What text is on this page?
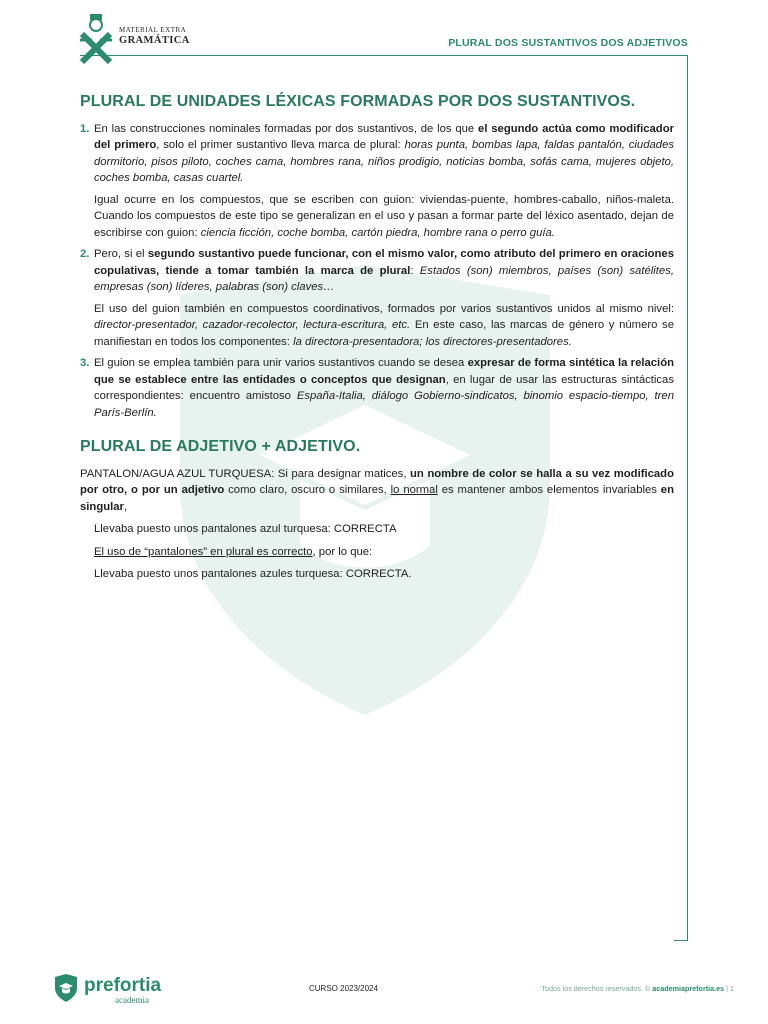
MATERIAL EXTRA
GRAMÁTICA	PLURAL DOS SUSTANTIVOS DOS ADJETIVOS
PLURAL DE UNIDADES LÉXICAS FORMADAS POR DOS SUSTANTIVOS.
1. En las construcciones nominales formadas por dos sustantivos, de los que el segundo actúa como modificador del primero, solo el primer sustantivo lleva marca de plural: horas punta, bombas lapa, faldas pantalón, ciudades dormitorio, pisos piloto, coches cama, hombres rana, niños prodigio, noticias bomba, sofás cama, mujeres objeto, coches bomba, casas cuartel.
Igual ocurre en los compuestos, que se escriben con guion: viviendas-puente, hombres-caballo, niños-maleta. Cuando los compuestos de este tipo se generalizan en el uso y pasan a formar parte del léxico asentado, dejan de escribirse con guion: ciencia ficción, coche bomba, cartón piedra, hombre rana o perro guía.
2. Pero, si el segundo sustantivo puede funcionar, con el mismo valor, como atributo del primero en oraciones copulativas, tiende a tomar también la marca de plural: Estados (son) miembros, países (son) satélites, empresas (son) líderes, palabras (son) claves…
El uso del guion también en compuestos coordinativos, formados por varios sustantivos unidos al mismo nivel: director-presentador, cazador-recolector, lectura-escritura, etc. En este caso, las marcas de género y número se manifiestan en todos los componentes: la directora-presentadora; los directores-presentadores.
3. El guion se emplea también para unir varios sustantivos cuando se desea expresar de forma sintética la relación que se establece entre las entidades o conceptos que designan, en lugar de usar las estructuras sintácticas correspondientes: encuentro amistoso España-Italia, diálogo Gobierno-sindicatos, binomio espacio-tiempo, tren París-Berlín.
PLURAL DE ADJETIVO + ADJETIVO.

PANTALON/AGUA AZUL TURQUESA: Si para designar matices, un nombre de color se halla a su vez modificado por otro, o por un adjetivo como claro, oscuro o similares, lo normal es mantener ambos elementos invariables en singular,

Llevaba puesto unos pantalones azul turquesa: CORRECTA

El uso de “pantalones” en plural es correcto, por lo que:

Llevaba puesto unos pantalones azules turquesa: CORRECTA.

prefortia
academia
CURSO 2023/2024	Todos los derechos reservados. © academiaprefortia.es | 1
